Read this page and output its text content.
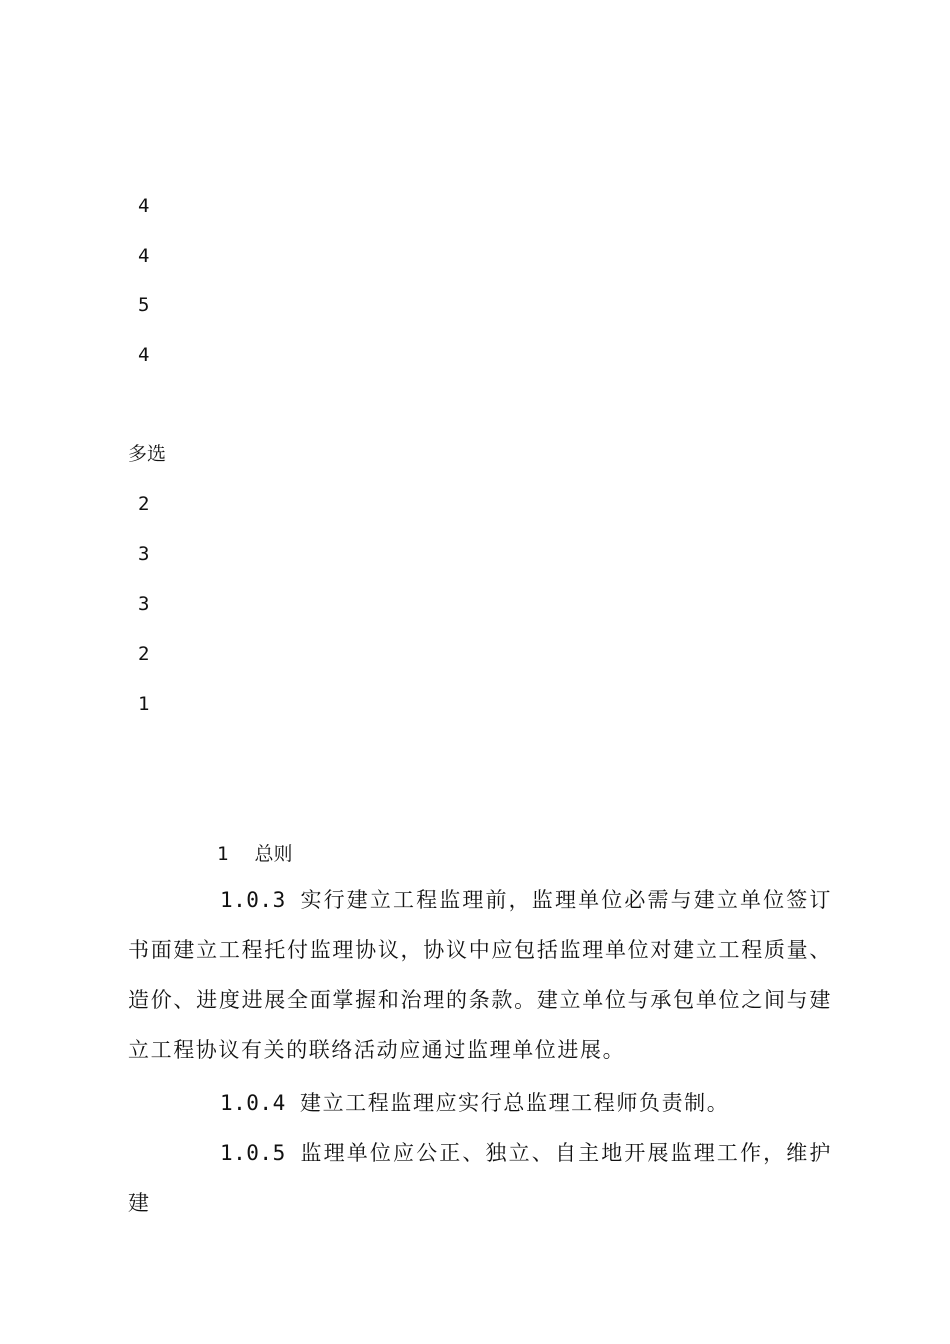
4
4
5
4
多选
2
3
3
2
1
1 总则
1.0.3 实行建立工程监理前，监理单位必需与建立单位签订书面建立工程托付监理协议，协议中应包括监理单位对建立工程质量、造价、进度进展全面掌握和治理的条款。建立单位与承包单位之间与建立工程协议有关的联络活动应通过监理单位进展。
1.0.4 建立工程监理应实行总监理工程师负责制。
1.0.5 监理单位应公正、独立、自主地开展监理工作，维护建
